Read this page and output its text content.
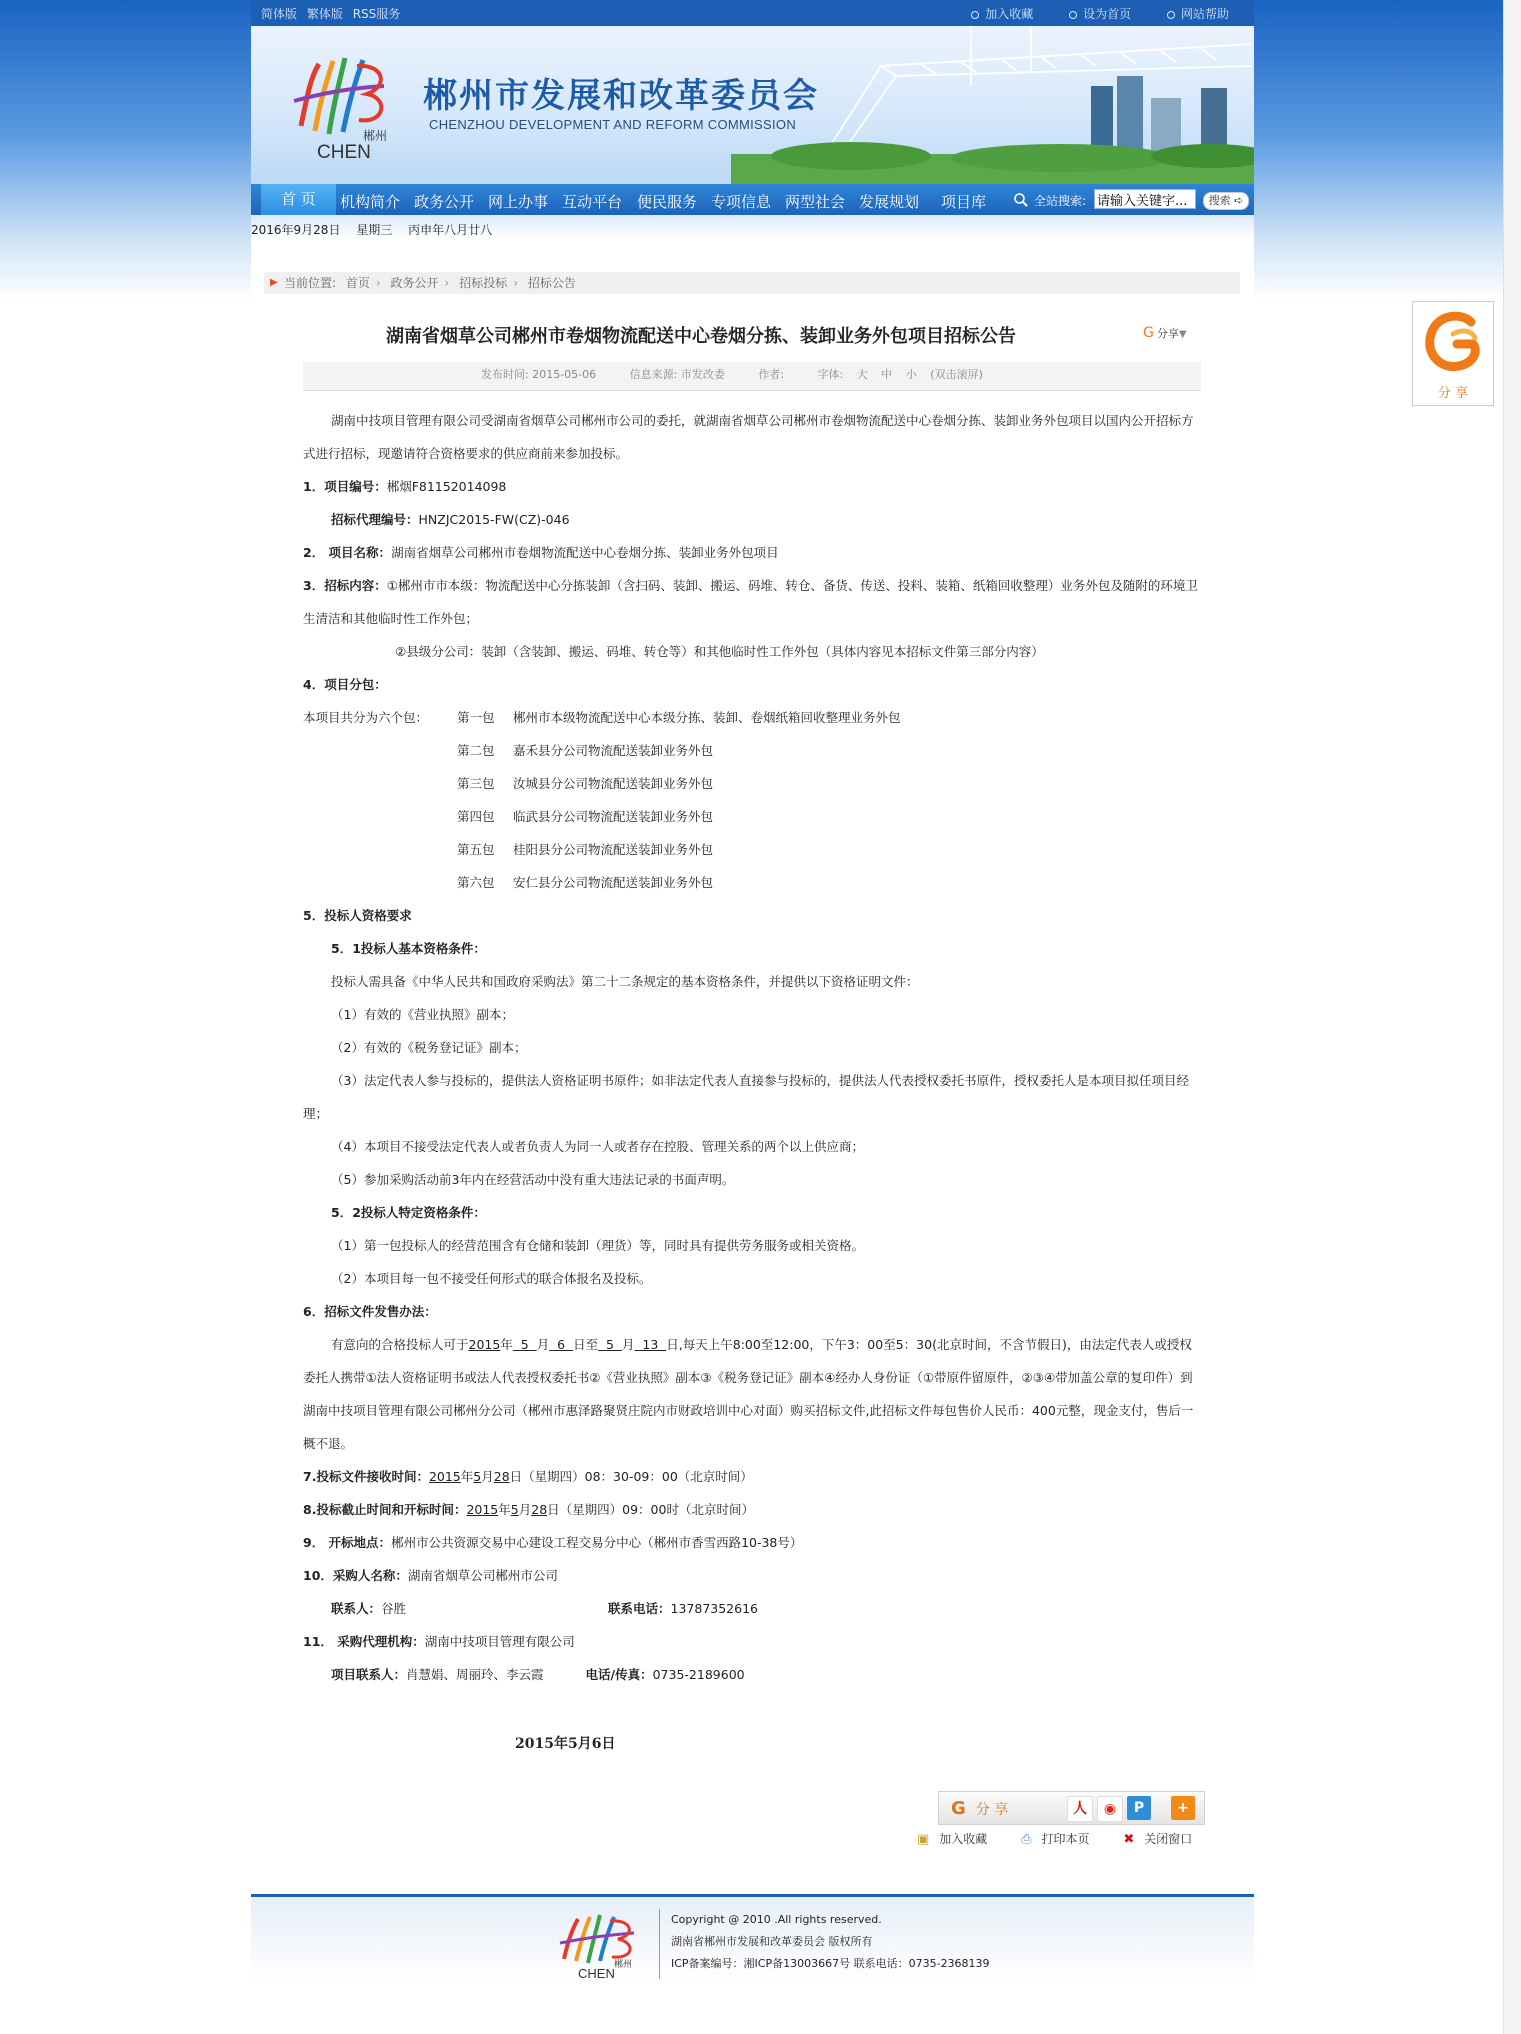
简体版 繁体版 RSS服务	加入收藏	设为首页	网站帮助
郴州
CHEN
郴州市发展和改革委员会
CHENZHOU DEVELOPMENT AND REFORM COMMISSION
首 页	机构简介 政务公开 网上办事 互动平台 便民服务 专项信息 两型社会 发展规划 项目库	全站搜索:
请输入关键字...	搜索 ➪
2016年9月28日 星期三 丙申年八月廿八
▶ 当前位置: 首页 › 政务公开 › 招标投标 › 招标公告
湖南省烟草公司郴州市卷烟物流配送中心卷烟分拣、装卸业务外包项目招标公告	G 分享▼
发布时间: 2015-05-06	信息来源: 市发改委	作者:	字体: 大 中 小 (双击滚屏)

湖南中技项目管理有限公司受湖南省烟草公司郴州市公司的委托，就湖南省烟草公司郴州市卷烟物流配送中心卷烟分拣、装卸业务外包项目以国内公开招标方式进行招标，现邀请符合资格要求的供应商前来参加投标。

1．项目编号：郴烟F81152014098

招标代理编号：HNZJC2015-FW(CZ)-046

2． 项目名称：湖南省烟草公司郴州市卷烟物流配送中心卷烟分拣、装卸业务外包项目

3．招标内容：①郴州市市本级：物流配送中心分拣装卸（含扫码、装卸、搬运、码堆、转仓、备货、传送、投料、装箱、纸箱回收整理）业务外包及随附的环境卫生清洁和其他临时性工作外包；

②县级分公司：装卸（含装卸、搬运、码堆、转仓等）和其他临时性工作外包（具体内容见本招标文件第三部分内容）

4．项目分包：

本项目共分为六个包： 第一包 郴州市本级物流配送中心本级分拣、装卸、卷烟纸箱回收整理业务外包
第二包 嘉禾县分公司物流配送装卸业务外包
第三包 汝城县分公司物流配送装卸业务外包
第四包 临武县分公司物流配送装卸业务外包
第五包 桂阳县分公司物流配送装卸业务外包
第六包 安仁县分公司物流配送装卸业务外包

5．投标人资格要求

5．1投标人基本资格条件：

投标人需具备《中华人民共和国政府采购法》第二十二条规定的基本资格条件，并提供以下资格证明文件：

（1）有效的《营业执照》副本；

（2）有效的《税务登记证》副本；

（3）法定代表人参与投标的，提供法人资格证明书原件；如非法定代表人直接参与投标的，提供法人代表授权委托书原件，授权委托人是本项目拟任项目经理；

（4）本项目不接受法定代表人或者负责人为同一人或者存在控股、管理关系的两个以上供应商；

（5）参加采购活动前3年内在经营活动中没有重大违法记录的书面声明。

5．2投标人特定资格条件：

（1）第一包投标人的经营范围含有仓储和装卸（理货）等，同时具有提供劳务服务或相关资格。

（2）本项目每一包不接受任何形式的联合体报名及投标。

6．招标文件发售办法：

有意向的合格投标人可于2015年  5  月  6  日至  5  月  13  日,每天上午8:00至12:00，下午3：00至5：30(北京时间，不含节假日)，由法定代表人或授权委托人携带①法人资格证明书或法人代表授权委托书②《营业执照》副本③《税务登记证》副本④经办人身份证（①带原件留原件，②③④带加盖公章的复印件）到湖南中技项目管理有限公司郴州分公司（郴州市惠泽路聚贤庄院内市财政培训中心对面）购买招标文件,此招标文件每包售价人民币：400元整，现金支付，售后一概不退。

7.投标文件接收时间：2015年5月28日（星期四）08：30-09：00（北京时间）

8.投标截止时间和开标时间：2015年5月28日（星期四）09：00时（北京时间）

9． 开标地点：郴州市公共资源交易中心建设工程交易分中心（郴州市香雪西路10-38号）

10．采购人名称：湖南省烟草公司郴州市公司

联系人：谷胜	联系电话：13787352616

11． 采购代理机构：湖南中技项目管理有限公司

项目联系人：肖慧娟、周丽玲、李云霞	电话/传真：0735-2189600

2015年5月6日
G 分 享	人	◉	P	+
▣ 加入收藏	⎙ 打印本页	✖ 关闭窗口
郴州
CHEN
Copyright @ 2010 .All rights reserved.
湖南省郴州市发展和改革委员会 版权所有
ICP备案编号：湘ICP备13003667号 联系电话：0735-2368139
分 享
